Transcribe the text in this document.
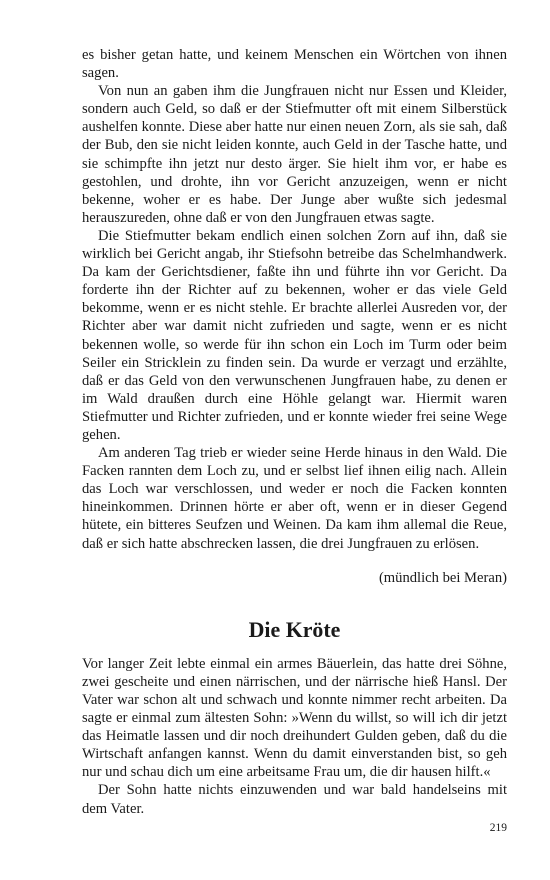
es bisher getan hatte, und keinem Menschen ein Wörtchen von ihnen sagen.

Von nun an gaben ihm die Jungfrauen nicht nur Essen und Kleider, sondern auch Geld, so daß er der Stiefmutter oft mit einem Silberstück aushelfen konnte. Diese aber hatte nur einen neuen Zorn, als sie sah, daß der Bub, den sie nicht leiden konnte, auch Geld in der Tasche hatte, und sie schimpfte ihn jetzt nur desto ärger. Sie hielt ihm vor, er habe es gestohlen, und drohte, ihn vor Gericht anzuzeigen, wenn er nicht bekenne, woher er es habe. Der Junge aber wußte sich jedesmal herauszureden, ohne daß er von den Jungfrauen etwas sagte.

Die Stiefmutter bekam endlich einen solchen Zorn auf ihn, daß sie wirklich bei Gericht angab, ihr Stiefsohn betreibe das Schelmhandwerk. Da kam der Gerichtsdiener, faßte ihn und führte ihn vor Gericht. Da forderte ihn der Richter auf zu bekennen, woher er das viele Geld bekomme, wenn er es nicht stehle. Er brachte allerlei Ausreden vor, der Richter aber war damit nicht zufrieden und sagte, wenn er es nicht bekennen wolle, so werde für ihn schon ein Loch im Turm oder beim Seiler ein Stricklein zu finden sein. Da wurde er verzagt und erzählte, daß er das Geld von den verwunschenen Jungfrauen habe, zu denen er im Wald draußen durch eine Höhle gelangt war. Hiermit waren Stiefmutter und Richter zufrieden, und er konnte wieder frei seine Wege gehen.

Am anderen Tag trieb er wieder seine Herde hinaus in den Wald. Die Facken rannten dem Loch zu, und er selbst lief ihnen eilig nach. Allein das Loch war verschlossen, und weder er noch die Facken konnten hineinkommen. Drinnen hörte er aber oft, wenn er in dieser Gegend hütete, ein bitteres Seufzen und Weinen. Da kam ihm allemal die Reue, daß er sich hatte abschrecken lassen, die drei Jungfrauen zu erlösen.

(mündlich bei Meran)

Die Kröte

Vor langer Zeit lebte einmal ein armes Bäuerlein, das hatte drei Söhne, zwei gescheite und einen närrischen, und der närrische hieß Hansl. Der Vater war schon alt und schwach und konnte nimmer recht arbeiten. Da sagte er einmal zum ältesten Sohn: »Wenn du willst, so will ich dir jetzt das Heimatle lassen und dir noch dreihundert Gulden geben, daß du die Wirtschaft anfangen kannst. Wenn du damit einverstanden bist, so geh nur und schau dich um eine arbeitsame Frau um, die dir hausen hilft.«

Der Sohn hatte nichts einzuwenden und war bald handelseins mit dem Vater.

219
